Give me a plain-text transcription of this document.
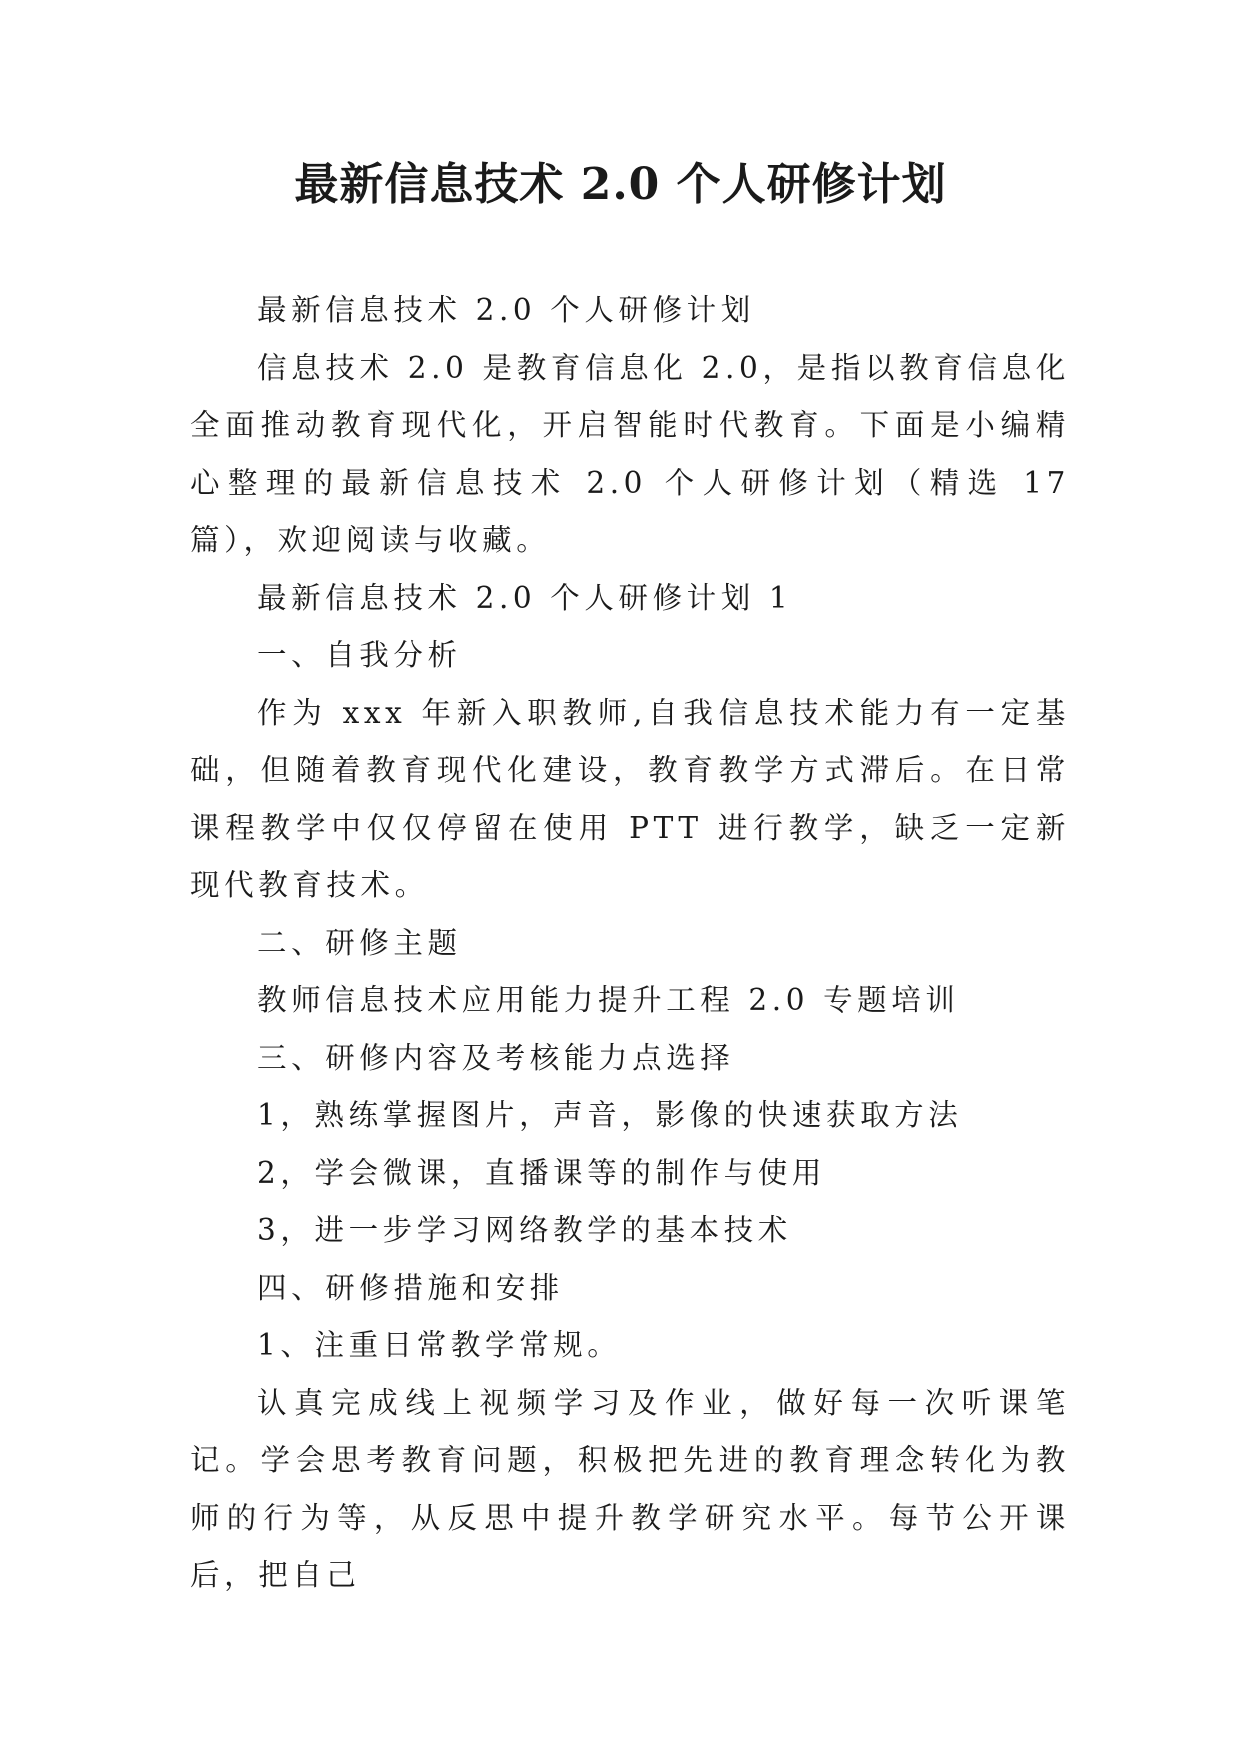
最新信息技术 2.0 个人研修计划

最新信息技术 2.0 个人研修计划

信息技术 2.0 是教育信息化 2.0，是指以教育信息化全面推动教育现代化，开启智能时代教育。下面是小编精心整理的最新信息技术 2.0 个人研修计划（精选 17 篇），欢迎阅读与收藏。

最新信息技术 2.0 个人研修计划 1

一、自我分析

作为 xxx 年新入职教师,自我信息技术能力有一定基础，但随着教育现代化建设，教育教学方式滞后。在日常课程教学中仅仅停留在使用 PTT 进行教学，缺乏一定新现代教育技术。

二、研修主题

教师信息技术应用能力提升工程 2.0 专题培训

三、研修内容及考核能力点选择

1，熟练掌握图片，声音，影像的快速获取方法

2，学会微课，直播课等的制作与使用

3，进一步学习网络教学的基本技术

四、研修措施和安排

1、注重日常教学常规。

认真完成线上视频学习及作业，做好每一次听课笔记。学会思考教育问题，积极把先进的教育理念转化为教师的行为等，从反思中提升教学研究水平。每节公开课后，把自己
